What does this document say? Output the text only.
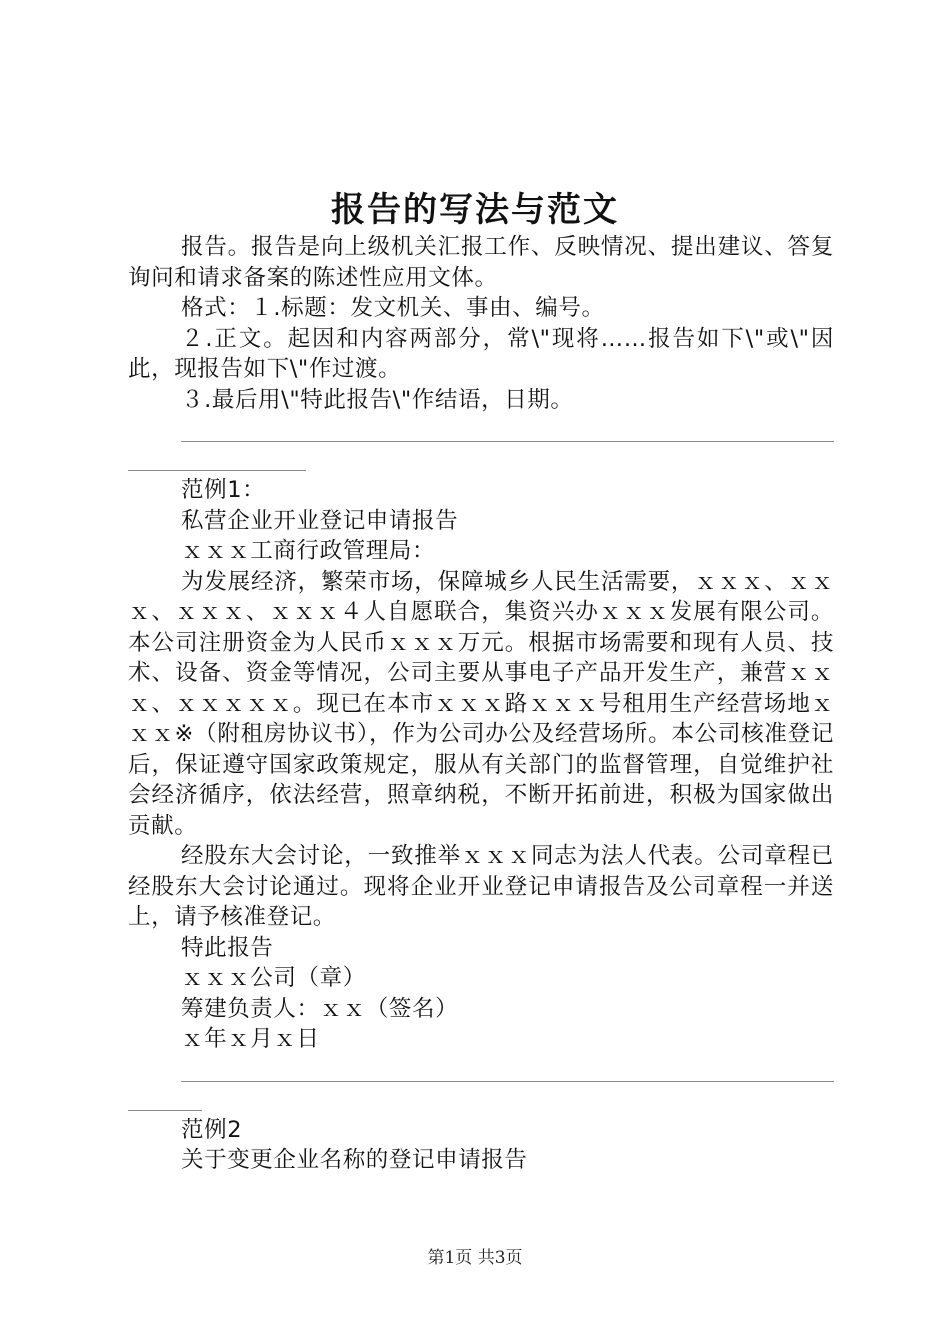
报告的写法与范文

报告。报告是向上级机关汇报工作、反映情况、提出建议、答复询问和请求备案的陈述性应用文体。

格式：１.标题：发文机关、事由、编号。

２.正文。起因和内容两部分，常\"现将……报告如下\"或\"因此，现报告如下\"作过渡。

３.最后用\"特此报告\"作结语，日期。

范例1：

私营企业开业登记申请报告

ｘｘｘ工商行政管理局：

为发展经济，繁荣市场，保障城乡人民生活需要，ｘｘｘ、ｘｘｘ、ｘｘｘ、ｘｘｘ４人自愿联合，集资兴办ｘｘｘ发展有限公司。本公司注册资金为人民币ｘｘｘ万元。根据市场需要和现有人员、技术、设备、资金等情况，公司主要从事电子产品开发生产，兼营ｘｘｘ、ｘｘｘｘｘ。现已在本市ｘｘｘ路ｘｘｘ号租用生产经营场地ｘｘｘ※（附租房协议书），作为公司办公及经营场所。本公司核准登记后，保证遵守国家政策规定，服从有关部门的监督管理，自觉维护社会经济循序，依法经营，照章纳税，不断开拓前进，积极为国家做出贡献。

经股东大会讨论，一致推举ｘｘｘ同志为法人代表。公司章程已经股东大会讨论通过。现将企业开业登记申请报告及公司章程一并送上，请予核准登记。

特此报告

ｘｘｘ公司（章）

筹建负责人：ｘｘ（签名）

ｘ年ｘ月ｘ日

范例2

关于变更企业名称的登记申请报告

第1页 共3页
